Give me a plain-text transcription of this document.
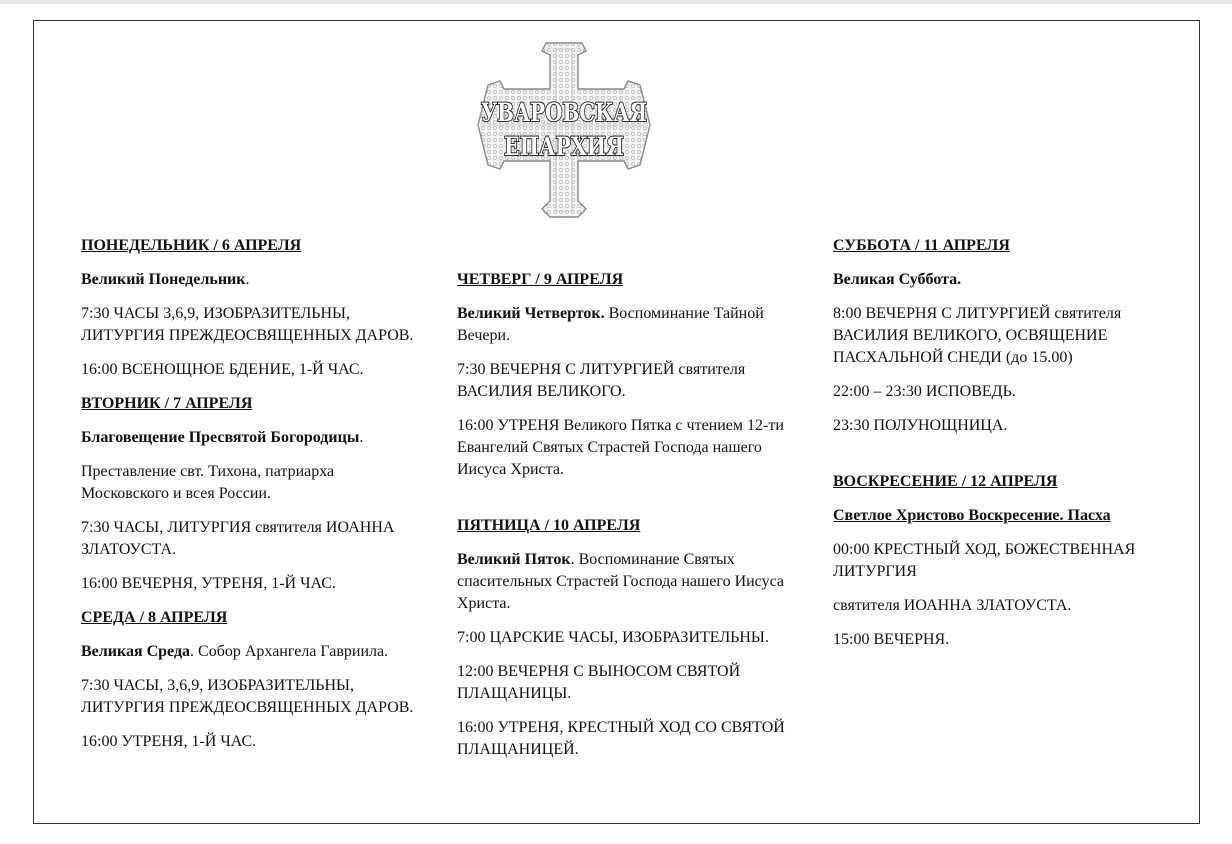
УВАРОВСКАЯ
ЕПАРХИЯ

ПОНЕДЕЛЬНИК / 6 АПРЕЛЯ

Великий Понедельник.

7:30 ЧАСЫ 3,6,9, ИЗОБРАЗИТЕЛЬНЫ, ЛИТУРГИЯ ПРЕЖДЕОСВЯЩЕННЫХ ДАРОВ.

16:00 ВСЕНОЩНОЕ БДЕНИЕ, 1-Й ЧАС.

ВТОРНИК / 7 АПРЕЛЯ

Благовещение Пресвятой Богородицы.

Преставление свт. Тихона, патриарха Московского и всея России.

7:30 ЧАСЫ, ЛИТУРГИЯ святителя ИОАННА ЗЛАТОУСТА.

16:00 ВЕЧЕРНЯ, УТРЕНЯ, 1-Й ЧАС.

СРЕДА / 8 АПРЕЛЯ

Великая Среда. Собор Архангела Гавриила.

7:30 ЧАСЫ, 3,6,9, ИЗОБРАЗИТЕЛЬНЫ, ЛИТУРГИЯ ПРЕЖДЕОСВЯЩЕННЫХ ДАРОВ.

16:00 УТРЕНЯ, 1-Й ЧАС.

ЧЕТВЕРГ / 9 АПРЕЛЯ

Великий Четверток. Воспоминание Тайной Вечери.

7:30 ВЕЧЕРНЯ С ЛИТУРГИЕЙ святителя ВАСИЛИЯ ВЕЛИКОГО.

16:00 УТРЕНЯ Великого Пятка с чтением 12-ти Евангелий Святых Страстей Господа нашего Иисуса Христа.

ПЯТНИЦА / 10 АПРЕЛЯ

Великий Пяток. Воспоминание Святых спасительных Страстей Господа нашего Иисуса Христа.

7:00 ЦАРСКИЕ ЧАСЫ, ИЗОБРАЗИТЕЛЬНЫ.

12:00 ВЕЧЕРНЯ С ВЫНОСОМ СВЯТОЙ ПЛАЩАНИЦЫ.

16:00 УТРЕНЯ, КРЕСТНЫЙ ХОД СО СВЯТОЙ ПЛАЩАНИЦЕЙ.

СУББОТА / 11 АПРЕЛЯ

Великая Суббота.

8:00 ВЕЧЕРНЯ С ЛИТУРГИЕЙ святителя ВАСИЛИЯ ВЕЛИКОГО, ОСВЯЩЕНИЕ ПАСХАЛЬНОЙ СНЕДИ (до 15.00)

22:00 – 23:30 ИСПОВЕДЬ.

23:30 ПОЛУНОЩНИЦА.

ВОСКРЕСЕНИЕ / 12 АПРЕЛЯ

Светлое Христово Воскресение. Пасха

00:00 КРЕСТНЫЙ ХОД, БОЖЕСТВЕННАЯ ЛИТУРГИЯ

святителя ИОАННА ЗЛАТОУСТА.

15:00 ВЕЧЕРНЯ.
